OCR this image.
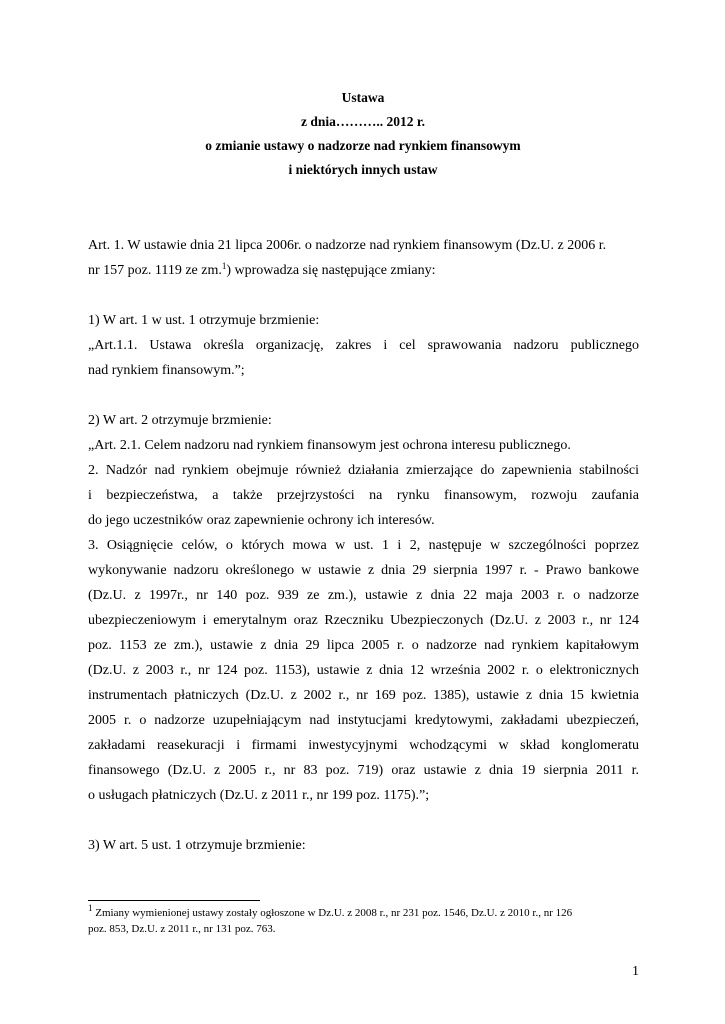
Ustawa
z dnia……….. 2012 r.
o zmianie ustawy o nadzorze nad rynkiem finansowym
i niektórych innych ustaw

Art. 1. W ustawie dnia 21 lipca 2006r. o nadzorze nad rynkiem finansowym (Dz.U. z 2006 r.

nr 157 poz. 1119 ze zm.$^1$) wprowadza się następujące zmiany:

1) W art. 1 w ust. 1 otrzymuje brzmienie:

„Art.1.1. Ustawa określa organizację, zakres i cel sprawowania nadzoru publicznego

nad rynkiem finansowym.”;

2) W art. 2 otrzymuje brzmienie:

„Art. 2.1. Celem nadzoru nad rynkiem finansowym jest ochrona interesu publicznego.

2. Nadzór nad rynkiem obejmuje również działania zmierzające do zapewnienia stabilności

i bezpieczeństwa, a także przejrzystości na rynku finansowym, rozwoju zaufania

do jego uczestników oraz zapewnienie ochrony ich interesów.

3. Osiągnięcie celów, o których mowa w ust. 1 i 2, następuje w szczególności poprzez

wykonywanie nadzoru określonego w ustawie z dnia 29 sierpnia 1997 r. - Prawo bankowe

(Dz.U. z 1997r., nr 140 poz. 939 ze zm.), ustawie z dnia 22 maja 2003 r. o nadzorze

ubezpieczeniowym i emerytalnym oraz Rzeczniku Ubezpieczonych (Dz.U. z 2003 r., nr 124

poz. 1153 ze zm.), ustawie z dnia 29 lipca 2005 r. o nadzorze nad rynkiem kapitałowym

(Dz.U. z 2003 r., nr 124 poz. 1153), ustawie z dnia 12 września 2002 r. o elektronicznych

instrumentach płatniczych (Dz.U. z 2002 r., nr 169 poz. 1385), ustawie z dnia 15 kwietnia

2005 r. o nadzorze uzupełniającym nad instytucjami kredytowymi, zakładami ubezpieczeń,

zakładami reasekuracji i firmami inwestycyjnymi wchodzącymi w skład konglomeratu

finansowego (Dz.U. z 2005 r., nr 83 poz. 719) oraz ustawie z dnia 19 sierpnia 2011 r.

o usługach płatniczych (Dz.U. z 2011 r., nr 199 poz. 1175).”;

3) W art. 5 ust. 1 otrzymuje brzmienie:

$^1$ Zmiany wymienionej ustawy zostały ogłoszone w Dz.U. z 2008 r., nr 231 poz. 1546, Dz.U. z 2010 r., nr 126
poz. 853, Dz.U. z 2011 r., nr 131 poz. 763.
1
